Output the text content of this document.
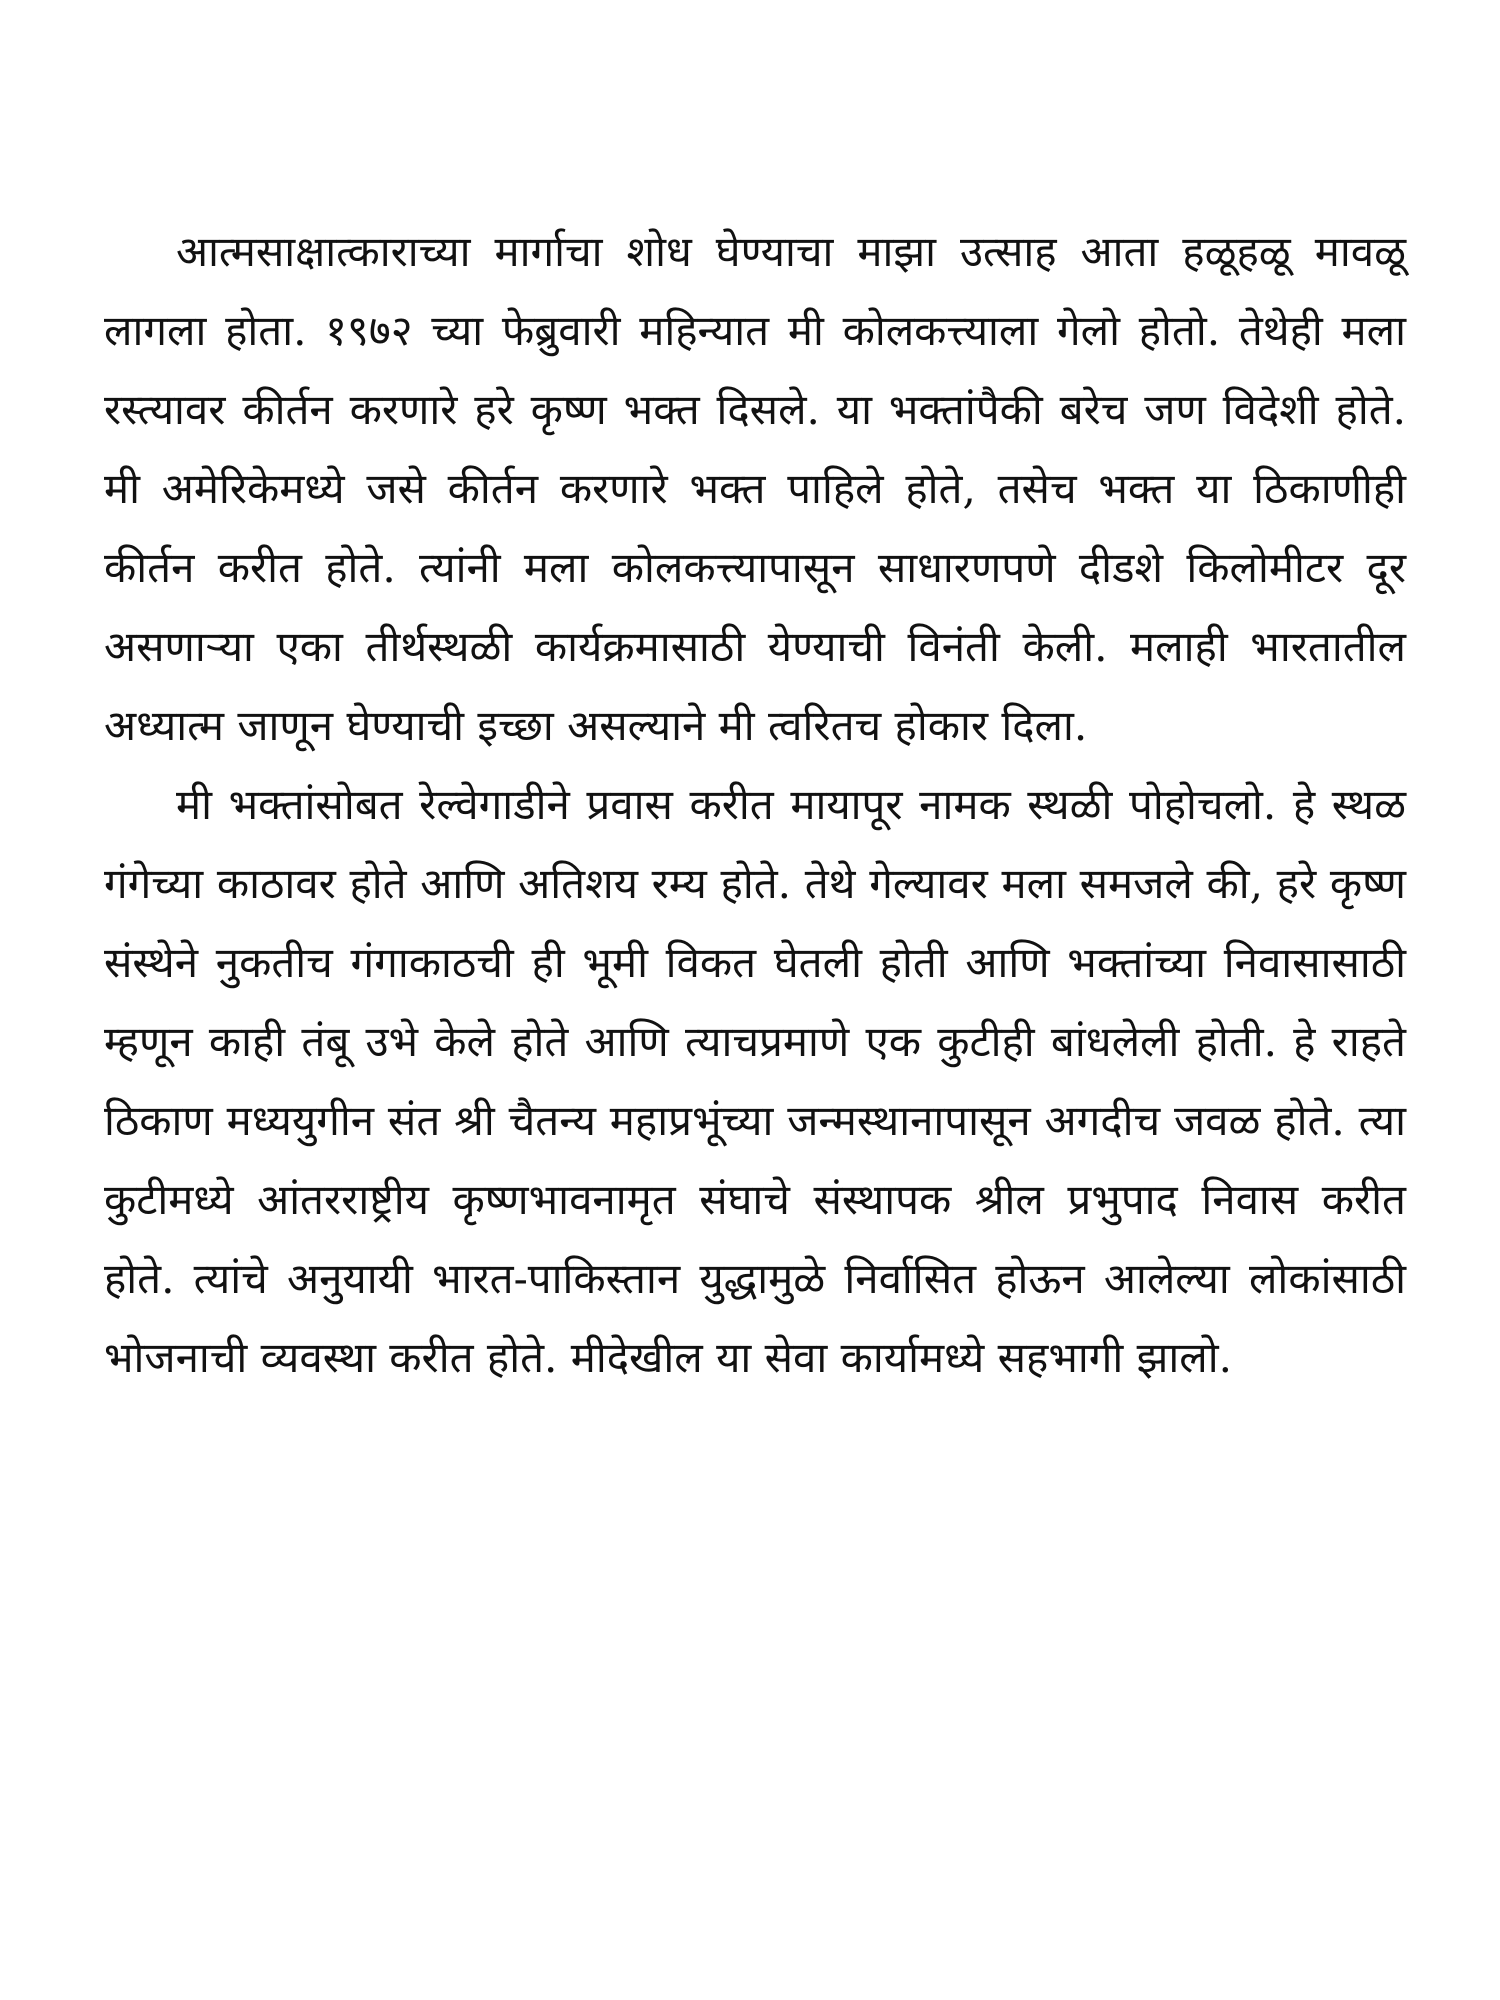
आत्मसाक्षात्काराच्या मार्गाचा शोध घेण्याचा माझा उत्साह आता हळूहळू मावळू लागला होता. १९७२ च्या फेब्रुवारी महिन्यात मी कोलकत्त्याला गेलो होतो. तेथेही मला रस्त्यावर कीर्तन करणारे हरे कृष्ण भक्त दिसले. या भक्तांपैकी बरेच जण विदेशी होते. मी अमेरिकेमध्ये जसे कीर्तन करणारे भक्त पाहिले होते, तसेच भक्त या ठिकाणीही कीर्तन करीत होते. त्यांनी मला कोलकत्त्यापासून साधारणपणे दीडशे किलोमीटर दूर असणाऱ्या एका तीर्थस्थळी कार्यक्रमासाठी येण्याची विनंती केली. मलाही भारतातील अध्यात्म जाणून घेण्याची इच्छा असल्याने मी त्वरितच होकार दिला.

मी भक्तांसोबत रेल्वेगाडीने प्रवास करीत मायापूर नामक स्थळी पोहोचलो. हे स्थळ गंगेच्या काठावर होते आणि अतिशय रम्य होते. तेथे गेल्यावर मला समजले की, हरे कृष्ण संस्थेने नुकतीच गंगाकाठची ही भूमी विकत घेतली होती आणि भक्तांच्या निवासासाठी म्हणून काही तंबू उभे केले होते आणि त्याचप्रमाणे एक कुटीही बांधलेली होती. हे राहते ठिकाण मध्ययुगीन संत श्री चैतन्य महाप्रभूंच्या जन्मस्थानापासून अगदीच जवळ होते. त्या कुटीमध्ये आंतरराष्ट्रीय कृष्णभावनामृत संघाचे संस्थापक श्रील प्रभुपाद निवास करीत होते. त्यांचे अनुयायी भारत-पाकिस्तान युद्धामुळे निर्वासित होऊन आलेल्या लोकांसाठी भोजनाची व्यवस्था करीत होते. मीदेखील या सेवा कार्यामध्ये सहभागी झालो.
